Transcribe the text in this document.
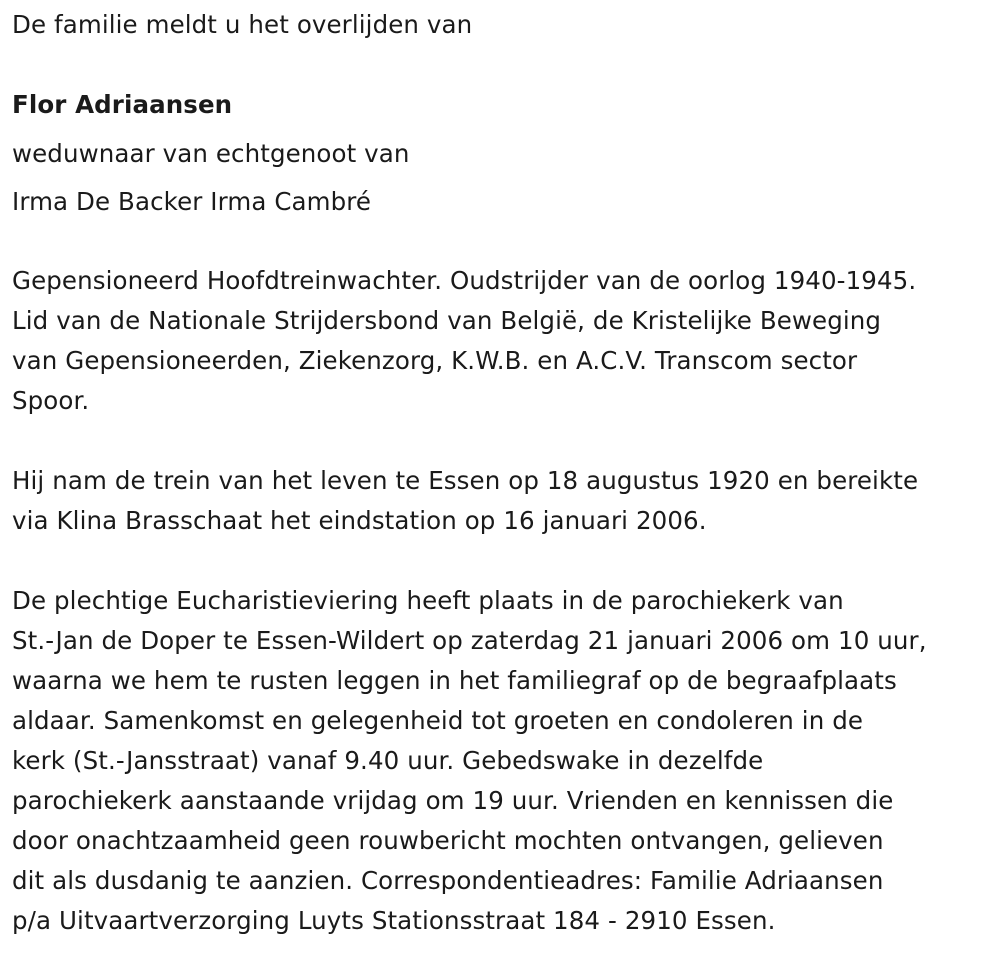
De familie meldt u het overlijden van
Flor Adriaansen
weduwnaar van echtgenoot van
Irma De Backer Irma Cambré
Gepensioneerd Hoofdtreinwachter. Oudstrijder van de oorlog 1940-1945.
Lid van de Nationale Strijdersbond van België, de Kristelijke Beweging
van Gepensioneerden, Ziekenzorg, K.W.B. en A.C.V. Transcom sector
Spoor.
Hij nam de trein van het leven te Essen op 18 augustus 1920 en bereikte
via Klina Brasschaat het eindstation op 16 januari 2006.
De plechtige Eucharistieviering heeft plaats in de parochiekerk van
St.-Jan de Doper te Essen-Wildert op zaterdag 21 januari 2006 om 10 uur,
waarna we hem te rusten leggen in het familiegraf op de begraafplaats
aldaar. Samenkomst en gelegenheid tot groeten en condoleren in de
kerk (St.-Jansstraat) vanaf 9.40 uur. Gebedswake in dezelfde
parochiekerk aanstaande vrijdag om 19 uur. Vrienden en kennissen die
door onachtzaamheid geen rouwbericht mochten ontvangen, gelieven
dit als dusdanig te aanzien. Correspondentieadres: Familie Adriaansen
p/a Uitvaartverzorging Luyts Stationsstraat 184 - 2910 Essen.
